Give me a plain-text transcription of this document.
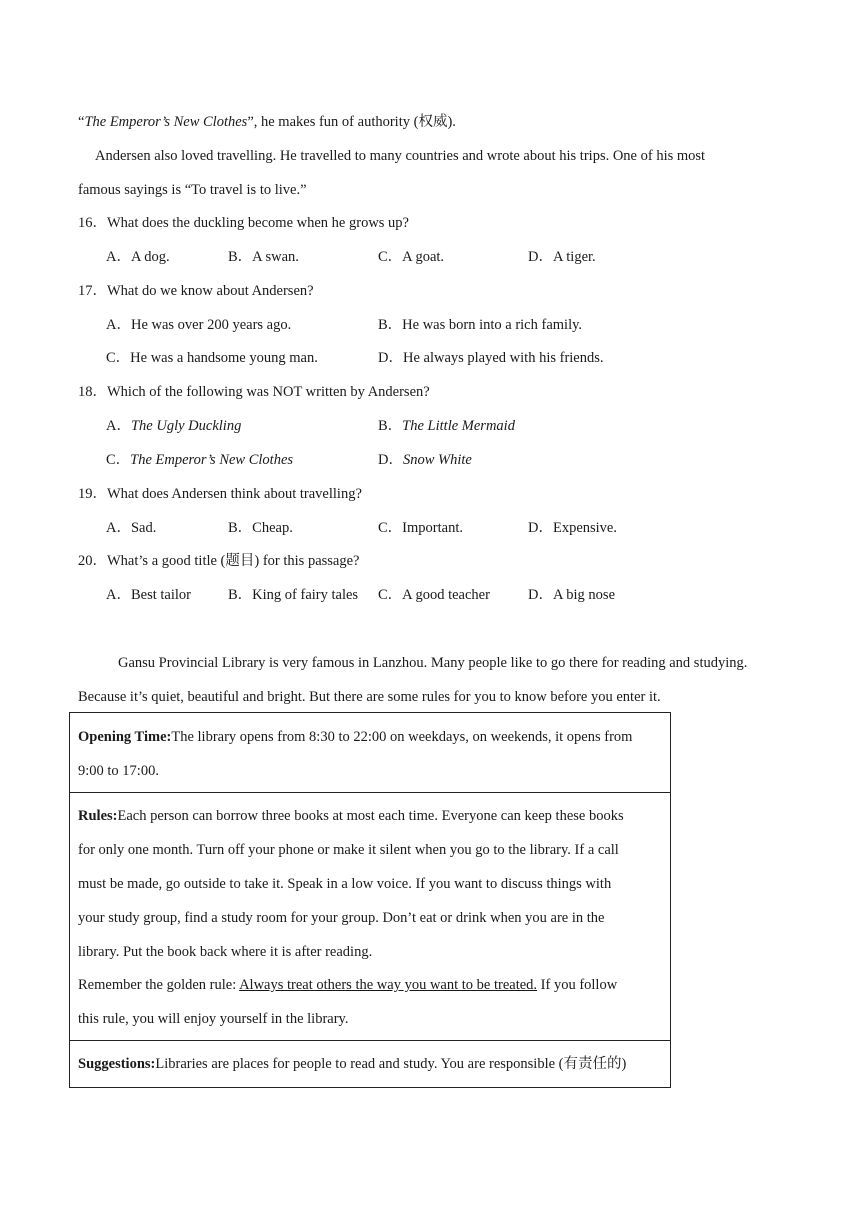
“The Emperor’s New Clothes”, he makes fun of authority (权威).
Andersen also loved travelling. He travelled to many countries and wrote about his trips. One of his most
famous sayings is “To travel is to live.”
16．What does the duckling become when he grows up?
A．A dog.	B．A swan.	C．A goat.	D．A tiger.
17．What do we know about Andersen?
A．He was over 200 years ago.	B．He was born into a rich family.
C．He was a handsome young man.	D．He always played with his friends.
18．Which of the following was NOT written by Andersen?
A．The Ugly Duckling	B．The Little Mermaid
C．The Emperor’s New Clothes	D．Snow White
19．What does Andersen think about travelling?
A．Sad.	B．Cheap.	C．Important.	D．Expensive.
20．What’s a good title (题目) for this passage?
A．Best tailor	B．King of fairy tales C．A good teacher	D．A big nose
Gansu Provincial Library is very famous in Lanzhou. Many people like to go there for reading and studying.
Because it’s quiet, beautiful and bright. But there are some rules for you to know before you enter it.
Opening Time:The library opens from 8:30 to 22:00 on weekdays, on weekends, it opens from
9:00 to 17:00.
Rules:Each person can borrow three books at most each time. Everyone can keep these books
for only one month. Turn off your phone or make it silent when you go to the library. If a call
must be made, go outside to take it. Speak in a low voice. If you want to discuss things with
your study group, find a study room for your group. Don’t eat or drink when you are in the
library. Put the book back where it is after reading.
Remember the golden rule: Always treat others the way you want to be treated. If you follow
this rule, you will enjoy yourself in the library.
Suggestions:Libraries are places for people to read and study. You are responsible (有责任的)
